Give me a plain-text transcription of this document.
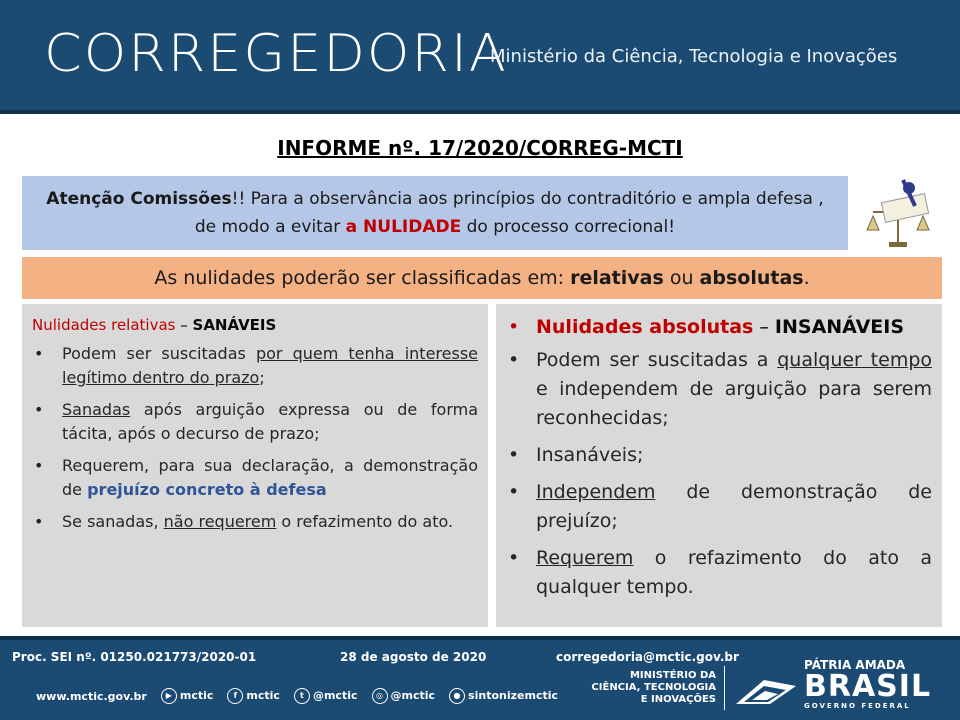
CORREGEDORIA
Ministério da Ciência, Tecnologia e Inovações
INFORME nº. 17/2020/CORREG-MCTI
Atenção Comissões!! Para a observância aos princípios do contraditório e ampla defesa , de modo a evitar a NULIDADE do processo correcional!
As nulidades poderão ser classificadas em: relativas ou absolutas.
Nulidades relativas – SANÁVEIS
• Podem ser suscitadas por quem tenha interesse legítimo dentro do prazo;
• Sanadas após arguição expressa ou de forma tácita, após o decurso de prazo;
• Requerem, para sua declaração, a demonstração de prejuízo concreto à defesa
• Se sanadas, não requerem o refazimento do ato.
• Nulidades absolutas – INSANÁVEIS
• Podem ser suscitadas a qualquer tempo e independem de arguição para serem reconhecidas;
• Insanáveis;
• Independem de demonstração de prejuízo;
• Requerem o refazimento do ato a qualquer tempo.
Proc. SEI nº. 01250.021773/2020-01	28 de agosto de 2020	corregedoria@mctic.gov.br
www.mctic.gov.br	▶ mctic	f mctic	t @mctic	◎ @mctic	● sintonizemctic
MINISTÉRIO DA
CIÊNCIA, TECNOLOGIA
E INOVAÇÕES
PÁTRIA AMADA
BRASIL
GOVERNO FEDERAL
